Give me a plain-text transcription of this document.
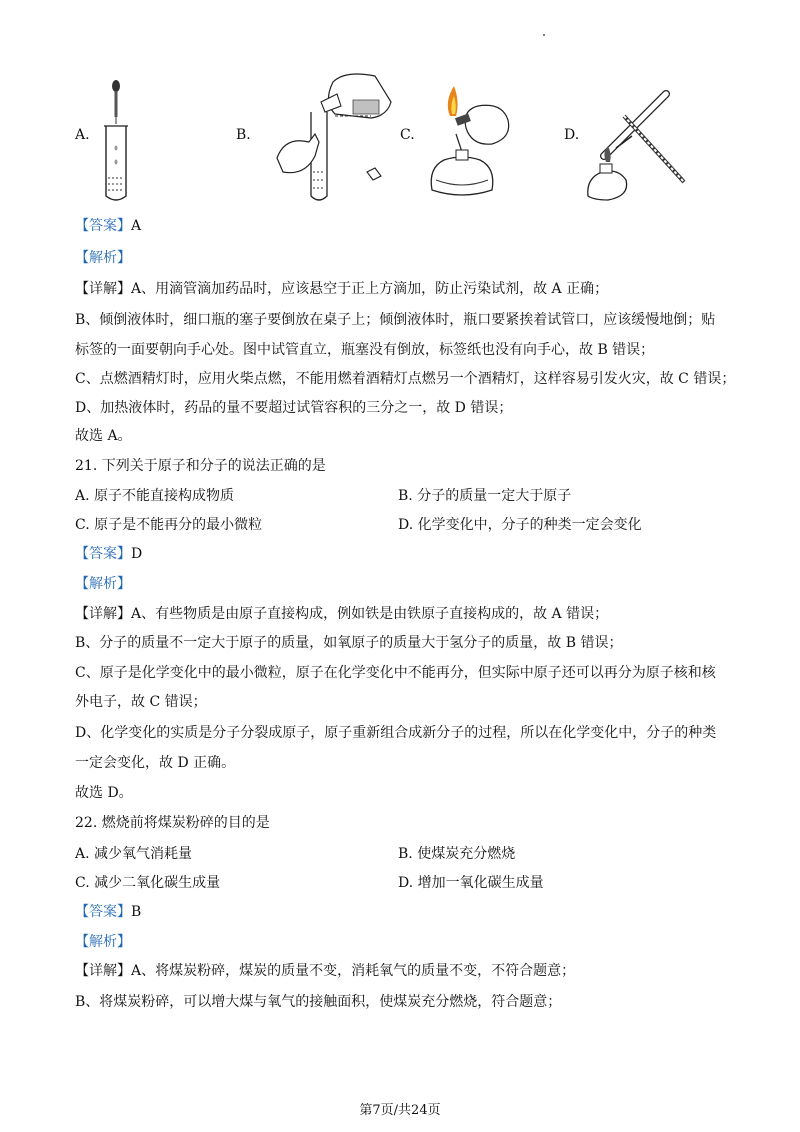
A.	B.	C.	D.
【答案】A
【解析】
【详解】A、用滴管滴加药品时，应该悬空于正上方滴加，防止污染试剂，故 A 正确；
B、倾倒液体时，细口瓶的塞子要倒放在桌子上；倾倒液体时，瓶口要紧挨着试管口，应该缓慢地倒；贴
标签的一面要朝向手心处。图中试管直立，瓶塞没有倒放，标签纸也没有向手心，故 B 错误；
C、点燃酒精灯时，应用火柴点燃，不能用燃着酒精灯点燃另一个酒精灯，这样容易引发火灾，故 C 错误；
D、加热液体时，药品的量不要超过试管容积的三分之一，故 D 错误；
故选 A。
21. 下列关于原子和分子的说法正确的是
A. 原子不能直接构成物质	B. 分子的质量一定大于原子
C. 原子是不能再分的最小微粒	D. 化学变化中，分子的种类一定会变化
【答案】D
【解析】
【详解】A、有些物质是由原子直接构成，例如铁是由铁原子直接构成的，故 A 错误；
B、分子的质量不一定大于原子的质量，如氧原子的质量大于氢分子的质量，故 B 错误；
C、原子是化学变化中的最小微粒，原子在化学变化中不能再分，但实际中原子还可以再分为原子核和核
外电子，故 C 错误；
D、化学变化的实质是分子分裂成原子，原子重新组合成新分子的过程，所以在化学变化中，分子的种类
一定会变化，故 D 正确。
故选 D。
22. 燃烧前将煤炭粉碎的目的是
A. 减少氧气消耗量	B. 使煤炭充分燃烧
C. 减少二氧化碳生成量	D. 增加一氧化碳生成量
【答案】B
【解析】
【详解】A、将煤炭粉碎，煤炭的质量不变，消耗氧气的质量不变，不符合题意；
B、将煤炭粉碎，可以增大煤与氧气的接触面积，使煤炭充分燃烧，符合题意；
第7页/共24页
